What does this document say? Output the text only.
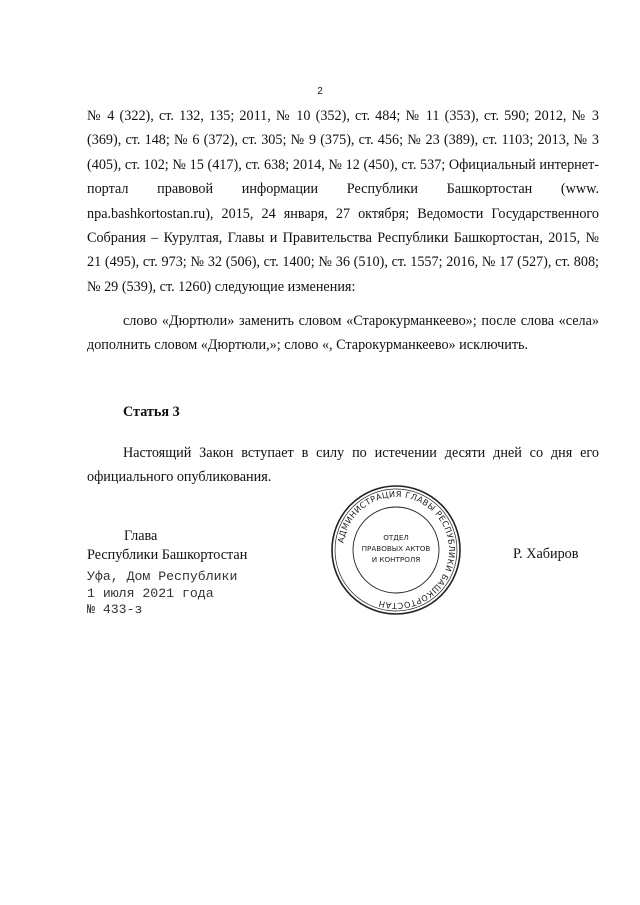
2

№ 4 (322), ст. 132, 135; 2011, № 10 (352), ст. 484; № 11 (353), ст. 590; 2012, № 3 (369), ст. 148; № 6 (372), ст. 305; № 9 (375), ст. 456; № 23 (389), ст. 1103; 2013, № 3 (405), ст. 102; № 15 (417), ст. 638; 2014, № 12 (450), ст. 537; Официальный интернет-портал правовой информации Республики Башкортостан (www. npa.bashkortostan.ru), 2015, 24 января, 27 октября; Ведомости Государственного Собрания – Курултая, Главы и Правительства Республики Башкортостан, 2015, № 21 (495), ст. 973; № 32 (506), ст. 1400; № 36 (510), ст. 1557; 2016, № 17 (527), ст. 808; № 29 (539), ст. 1260) следующие изменения:

слово «Дюртюли» заменить словом «Старокурманкеево»; после слова «села» дополнить словом «Дюртюли,»; слово «, Старокурманкеево» исключить.

Статья 3

Настоящий Закон вступает в силу по истечении десяти дней со дня его официального опубликования.

Глава
Республики Башкортостан	Р. Хабиров
Уфа, Дом Республики
1 июля 2021 года
№ 433-з
АДМИНИСТРАЦИЯ ГЛАВЫ РЕСПУБЛИКИ БАШКОРТОСТАН
ОТДЕЛ
ПРАВОВЫХ АКТОВ
И КОНТРОЛЯ
